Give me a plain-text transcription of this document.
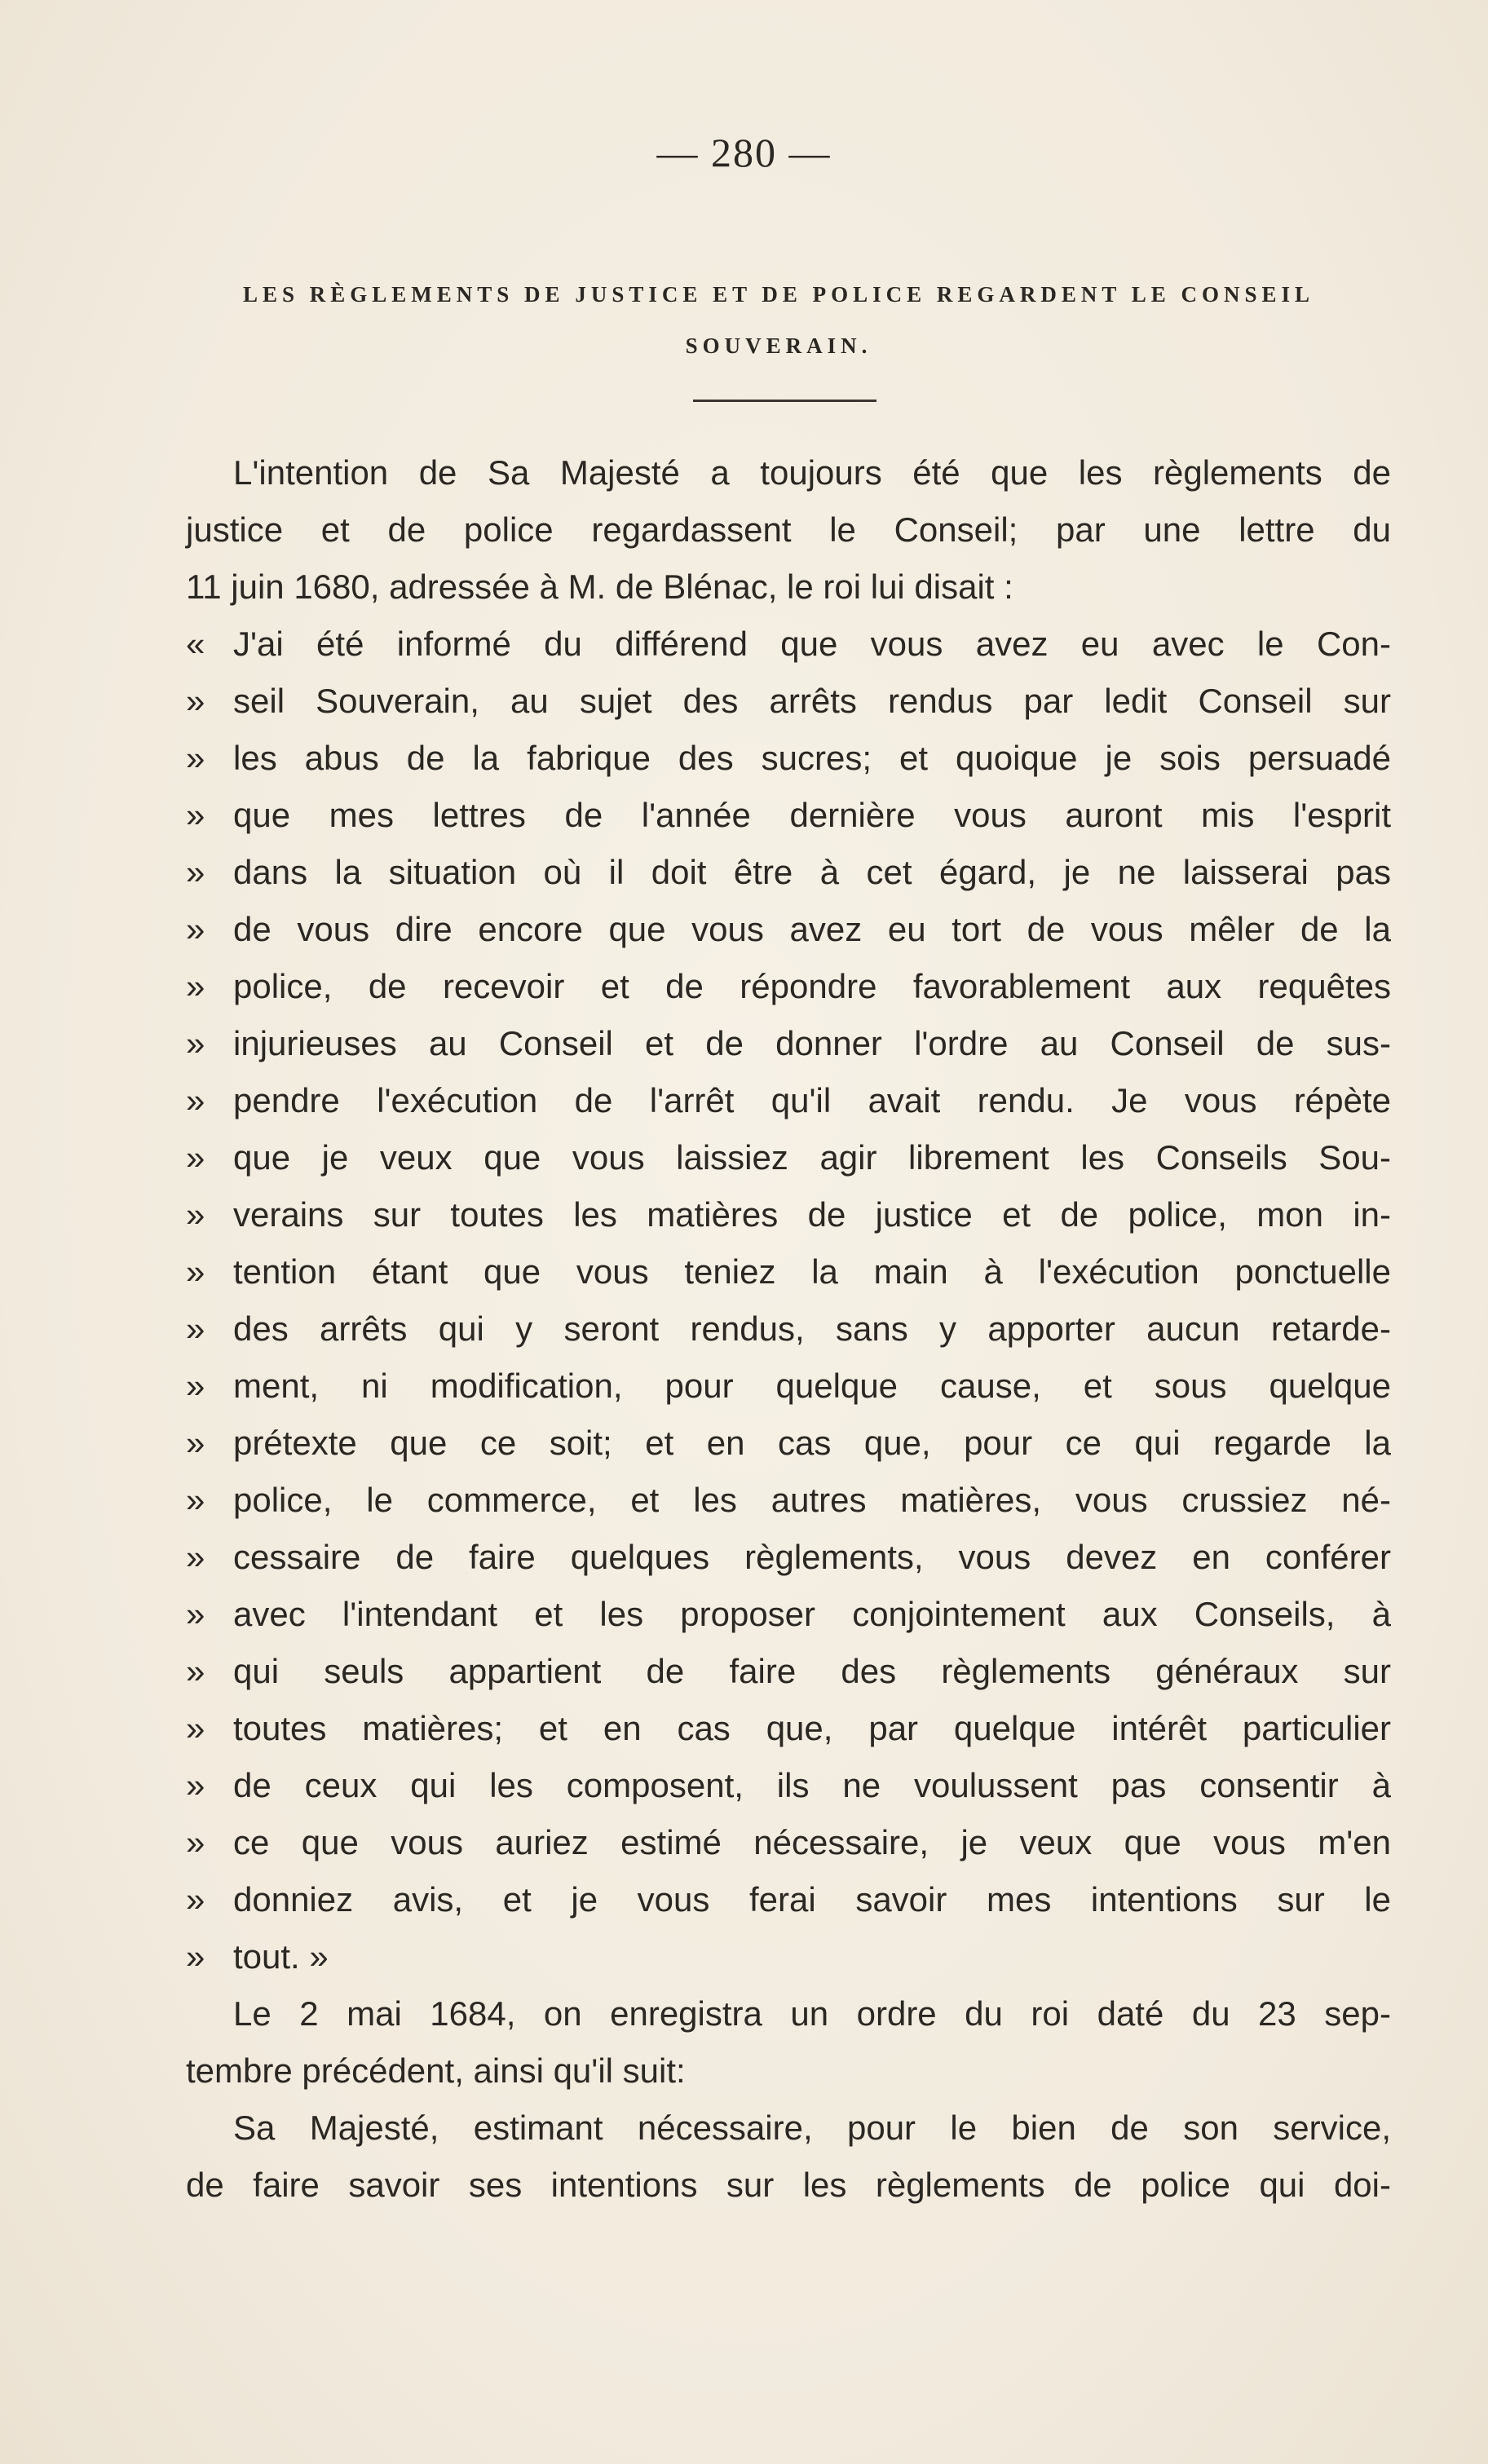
— 280 —
LES RÈGLEMENTS DE JUSTICE ET DE POLICE REGARDENT LE CONSEIL
SOUVERAIN.
L'intention de Sa Majesté a toujours été que les règlements de
justice et de police regardassent le Conseil; par une lettre du
11 juin 1680, adressée à M. de Blénac, le roi lui disait :
« J'ai été informé du différend que vous avez eu avec le Con-
» seil Souverain, au sujet des arrêts rendus par ledit Conseil sur
» les abus de la fabrique des sucres; et quoique je sois persuadé
» que mes lettres de l'année dernière vous auront mis l'esprit
» dans la situation où il doit être à cet égard, je ne laisserai pas
» de vous dire encore que vous avez eu tort de vous mêler de la
» police, de recevoir et de répondre favorablement aux requêtes
» injurieuses au Conseil et de donner l'ordre au Conseil de sus-
» pendre l'exécution de l'arrêt qu'il avait rendu. Je vous répète
» que je veux que vous laissiez agir librement les Conseils Sou-
» verains sur toutes les matières de justice et de police, mon in-
» tention étant que vous teniez la main à l'exécution ponctuelle
» des arrêts qui y seront rendus, sans y apporter aucun retarde-
» ment, ni modification, pour quelque cause, et sous quelque
» prétexte que ce soit; et en cas que, pour ce qui regarde la
» police, le commerce, et les autres matières, vous crussiez né-
» cessaire de faire quelques règlements, vous devez en conférer
» avec l'intendant et les proposer conjointement aux Conseils, à
» qui seuls appartient de faire des règlements généraux sur
» toutes matières; et en cas que, par quelque intérêt particulier
» de ceux qui les composent, ils ne voulussent pas consentir à
» ce que vous auriez estimé nécessaire, je veux que vous m'en
» donniez avis, et je vous ferai savoir mes intentions sur le
» tout. »
Le 2 mai 1684, on enregistra un ordre du roi daté du 23 sep-
tembre précédent, ainsi qu'il suit:
Sa Majesté, estimant nécessaire, pour le bien de son service,
de faire savoir ses intentions sur les règlements de police qui doi-
